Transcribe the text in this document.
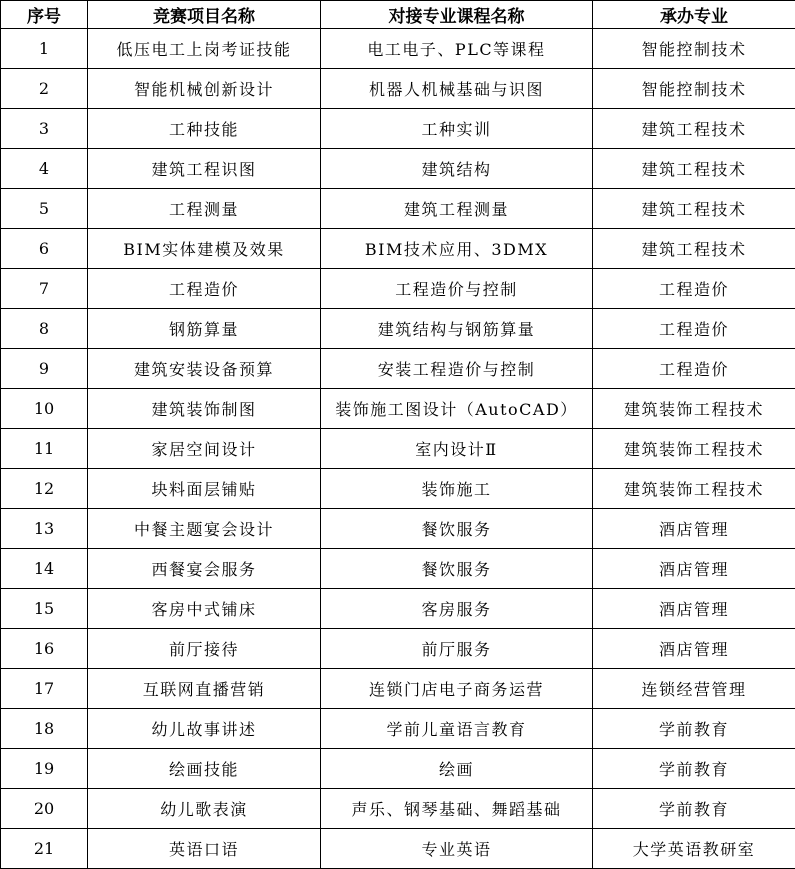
序号	竞赛项目名称	对接专业课程名称	承办专业
1	低压电工上岗考证技能	电工电子、PLC等课程	智能控制技术
2	智能机械创新设计	机器人机械基础与识图	智能控制技术
3	工种技能	工种实训	建筑工程技术
4	建筑工程识图	建筑结构	建筑工程技术
5	工程测量	建筑工程测量	建筑工程技术
6	BIM实体建模及效果	BIM技术应用、3DMX	建筑工程技术
7	工程造价	工程造价与控制	工程造价
8	钢筋算量	建筑结构与钢筋算量	工程造价
9	建筑安装设备预算	安装工程造价与控制	工程造价
10	建筑装饰制图	装饰施工图设计（AutoCAD）	建筑装饰工程技术
11	家居空间设计	室内设计Ⅱ	建筑装饰工程技术
12	块料面层铺贴	装饰施工	建筑装饰工程技术
13	中餐主题宴会设计	餐饮服务	酒店管理
14	西餐宴会服务	餐饮服务	酒店管理
15	客房中式铺床	客房服务	酒店管理
16	前厅接待	前厅服务	酒店管理
17	互联网直播营销	连锁门店电子商务运营	连锁经营管理
18	幼儿故事讲述	学前儿童语言教育	学前教育
19	绘画技能	绘画	学前教育
20	幼儿歌表演	声乐、钢琴基础、舞蹈基础	学前教育
21	英语口语	专业英语	大学英语教研室
